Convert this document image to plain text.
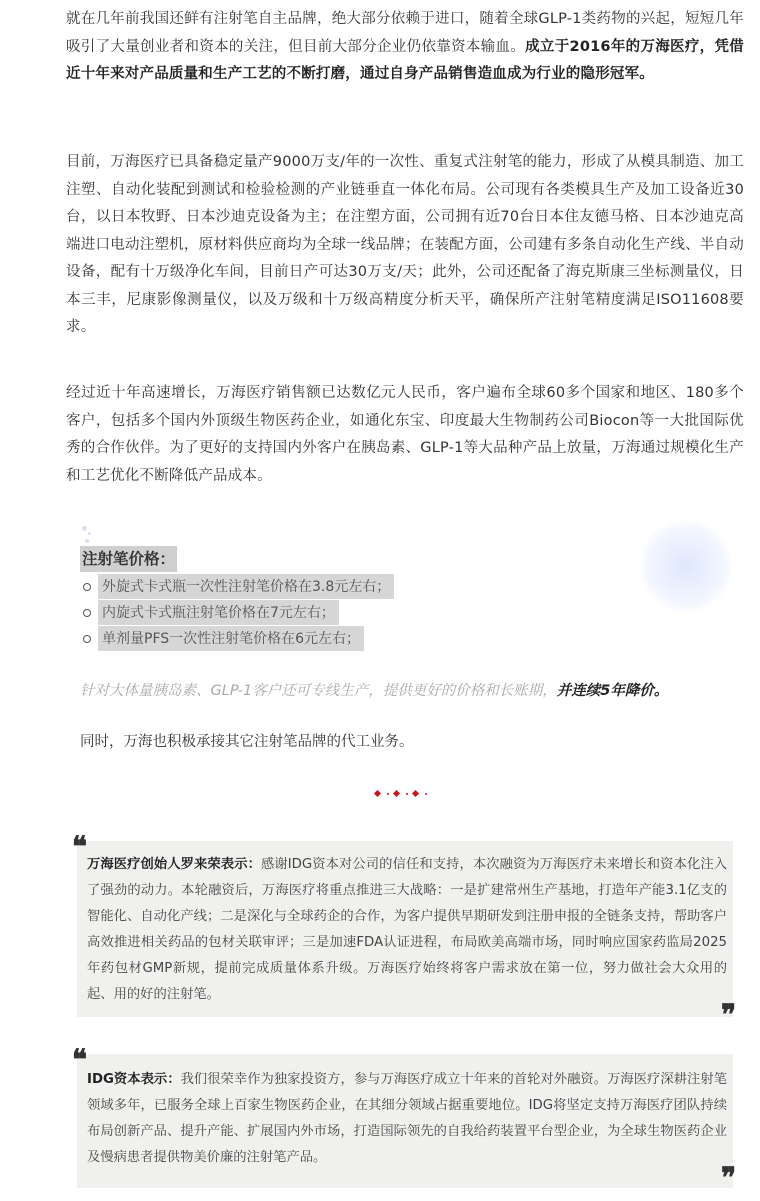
就在几年前我国还鲜有注射笔自主品牌，绝大部分依赖于进口，随着全球GLP-1类药物的兴起，短短几年吸引了大量创业者和资本的关注，但目前大部分企业仍依靠资本输血。成立于2016年的万海医疗，凭借近十年来对产品质量和生产工艺的不断打磨，通过自身产品销售造血成为行业的隐形冠军。

目前，万海医疗已具备稳定量产9000万支/年的一次性、重复式注射笔的能力，形成了从模具制造、加工注塑、自动化装配到测试和检验检测的产业链垂直一体化布局。公司现有各类模具生产及加工设备近30台，以日本牧野、日本沙迪克设备为主；在注塑方面，公司拥有近70台日本住友德马格、日本沙迪克高端进口电动注塑机，原材料供应商均为全球一线品牌；在装配方面，公司建有多条自动化生产线、半自动设备，配有十万级净化车间，目前日产可达30万支/天；此外，公司还配备了海克斯康三坐标测量仪，日本三丰，尼康影像测量仪，以及万级和十万级高精度分析天平，确保所产注射笔精度满足ISO11608要求。

经过近十年高速增长，万海医疗销售额已达数亿元人民币，客户遍布全球60多个国家和地区、180多个客户，包括多个国内外顶级生物医药企业，如通化东宝、印度最大生物制药公司Biocon等一大批国际优秀的合作伙伴。为了更好的支持国内外客户在胰岛素、GLP-1等大品种产品上放量，万海通过规模化生产和工艺优化不断降低产品成本。

注射笔价格：
外旋式卡式瓶一次性注射笔价格在3.8元左右；
内旋式卡式瓶注射笔价格在7元左右；
单剂量PFS一次性注射笔价格在6元左右；
针对大体量胰岛素、GLP-1客户还可专线生产，提供更好的价格和长账期，并连续5年降价。
同时，万海也积极承接其它注射笔品牌的代工业务。
❝
万海医疗创始人罗来荣表示：感谢IDG资本对公司的信任和支持，本次融资为万海医疗未来增长和资本化注入了强劲的动力。本轮融资后，万海医疗将重点推进三大战略：一是扩建常州生产基地，打造年产能3.1亿支的智能化、自动化产线；二是深化与全球药企的合作，为客户提供早期研发到注册申报的全链条支持，帮助客户高效推进相关药品的包材关联审评；三是加速FDA认证进程，布局欧美高端市场，同时响应国家药监局2025年药包材GMP新规，提前完成质量体系升级。万海医疗始终将客户需求放在第一位，努力做社会大众用的起、用的好的注射笔。
❞
❝
IDG资本表示：我们很荣幸作为独家投资方，参与万海医疗成立十年来的首轮对外融资。万海医疗深耕注射笔领域多年，已服务全球上百家生物医药企业，在其细分领域占据重要地位。IDG将坚定支持万海医疗团队持续布局创新产品、提升产能、扩展国内外市场，打造国际领先的自我给药装置平台型企业，为全球生物医药企业及慢病患者提供物美价廉的注射笔产品。
❞
